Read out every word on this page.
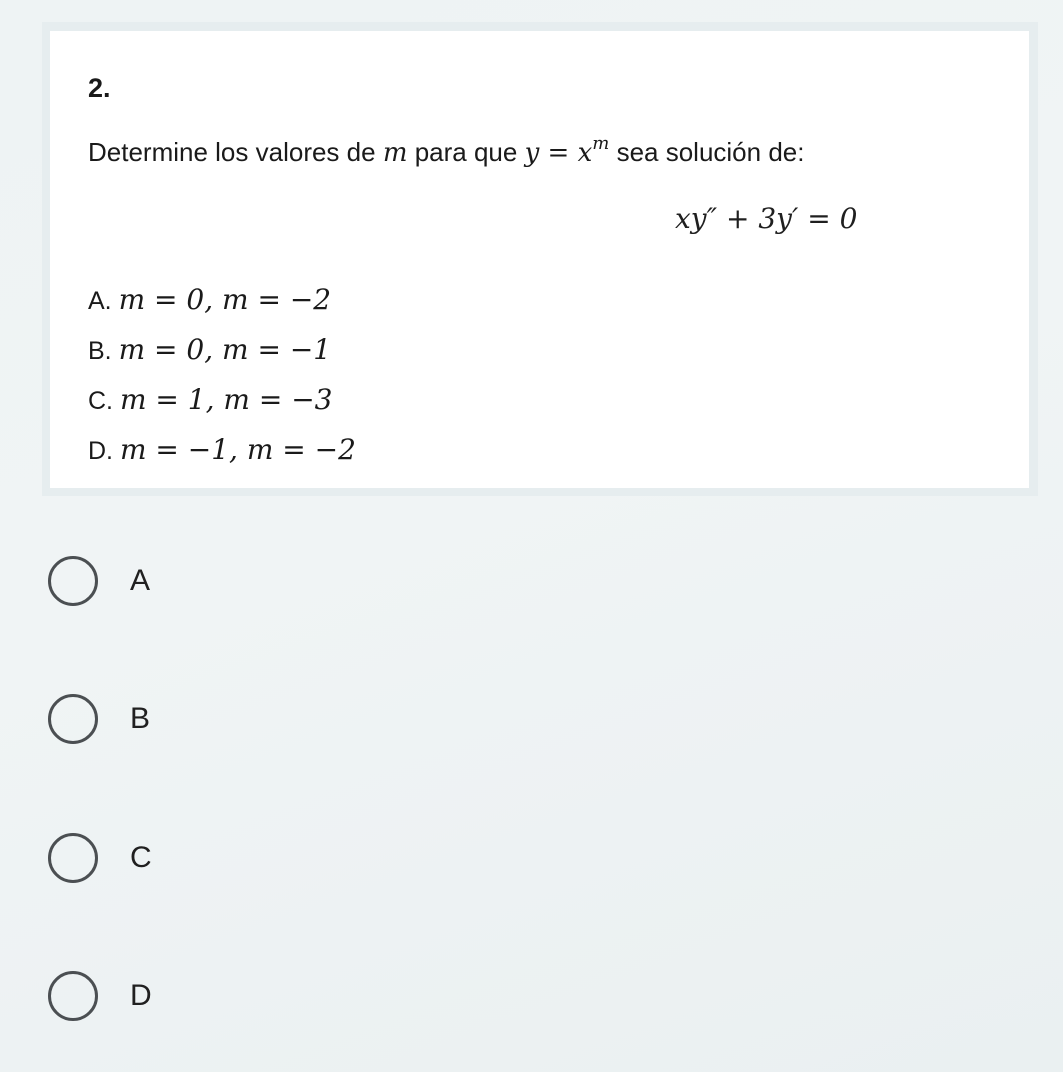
2.
Determine los valores de m para que $y = x^m$ sea solución de:
xy″ + 3y′ = 0
A. m = 0, m = −2
B. m = 0, m = −1
C. m = 1, m = −3
D. m = −1, m = −2
A
B
C
D
